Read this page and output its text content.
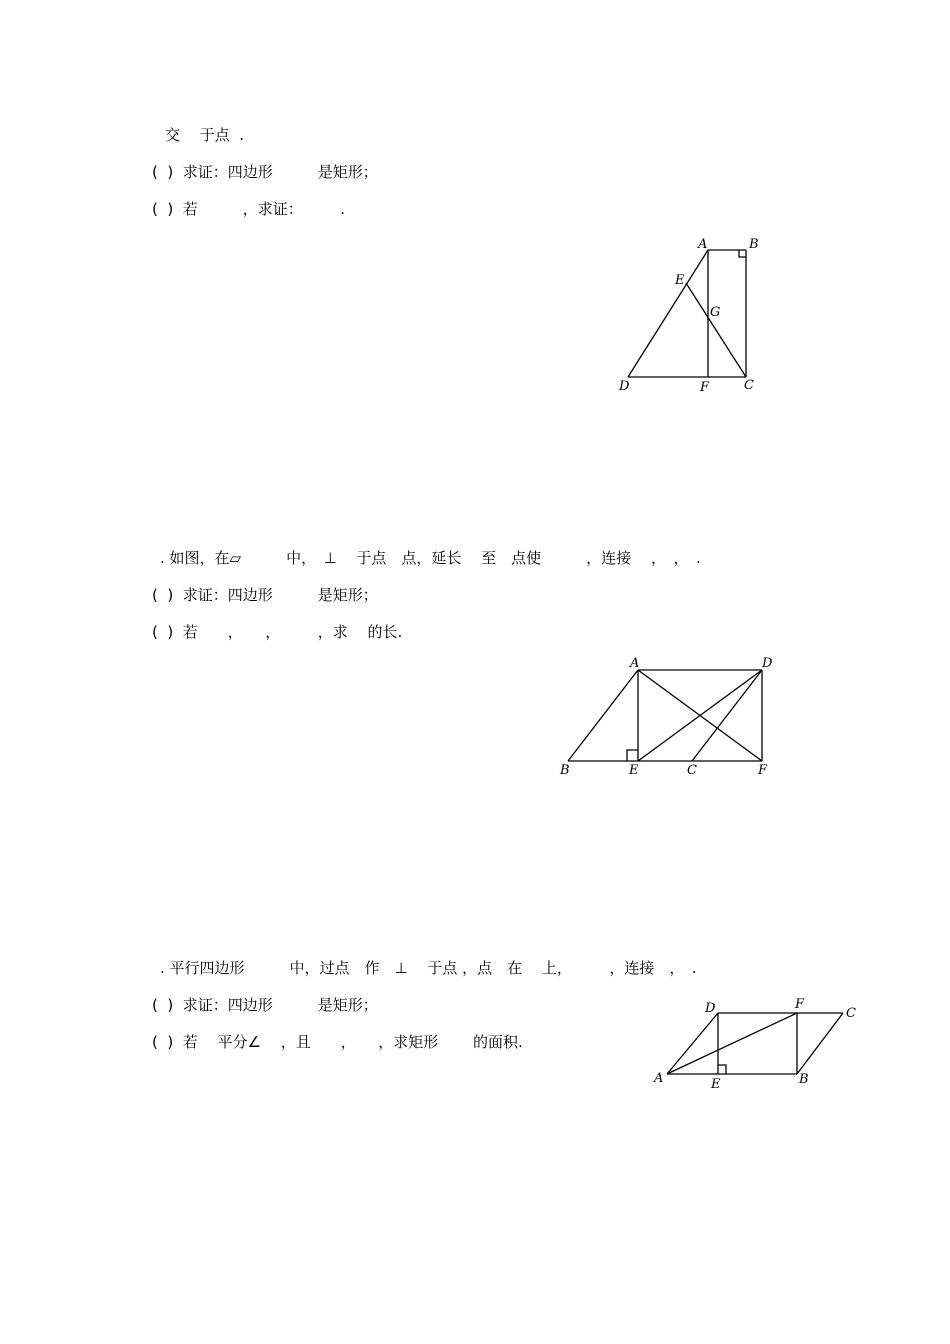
交　 于点  .
(  )  求证：四边形　　　是矩形；
(  )  若　　　，求证：　　　.
A	B
E
G
D	F	C
. 如图，在▱　　　中，　⊥　 于点　点，延长　 至　点使　　　，连接　 ，　，　.
(  )  求证：四边形　　　是矩形；
(  )  若　　，　　，　　　，求　 的长.
A	D
B	E	C	F
. 平行四边形　　　中，过点　作　⊥　 于点 ，点　在　 上，　　　，连接　，　.
(  )  求证：四边形　　　是矩形；
(  )  若　 平分∠　 ，且　　，　　，求矩形　　 的面积.
D	F
C
A	E	B
